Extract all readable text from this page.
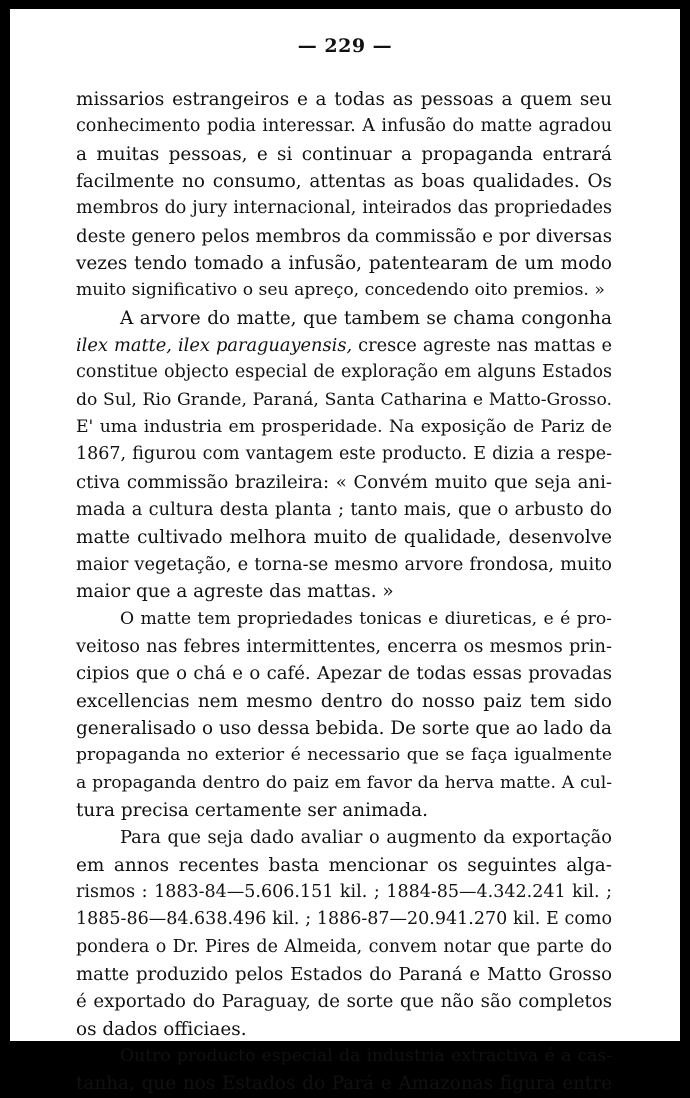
— 229 —
missarios estrangeiros e a todas as pessoas a quem seu
conhecimento podia interessar. A infusão do matte agradou
a muitas pessoas, e si continuar a propaganda entrará
facilmente no consumo, attentas as boas qualidades. Os
membros do jury internacional, inteirados das propriedades
deste genero pelos membros da commissão e por diversas
vezes tendo tomado a infusão, patentearam de um modo
muito significativo o seu apreço, concedendo oito premios. »
A arvore do matte, que tambem se chama congonha
ilex matte, ilex paraguayensis, cresce agreste nas mattas e
constitue objecto especial de exploração em alguns Estados
do Sul, Rio Grande, Paraná, Santa Catharina e Matto-Grosso.
E' uma industria em prosperidade. Na exposição de Pariz de
1867, figurou com vantagem este producto. E dizia a respe-
ctiva commissão brazileira: « Convém muito que seja ani-
mada a cultura desta planta ; tanto mais, que o arbusto do
matte cultivado melhora muito de qualidade, desenvolve
maior vegetação, e torna-se mesmo arvore frondosa, muito
maior que a agreste das mattas. »
O matte tem propriedades tonicas e diureticas, e é pro-
veitoso nas febres intermittentes, encerra os mesmos prin-
cipios que o chá e o café. Apezar de todas essas provadas
excellencias nem mesmo dentro do nosso paiz tem sido
generalisado o uso dessa bebida. De sorte que ao lado da
propaganda no exterior é necessario que se faça igualmente
a propaganda dentro do paiz em favor da herva matte. A cul-
tura precisa certamente ser animada.
Para que seja dado avaliar o augmento da exportação
em annos recentes basta mencionar os seguintes alga-
rismos : 1883-84—5.606.151 kil. ; 1884-85—4.342.241 kil. ;
1885-86—84.638.496 kil. ; 1886-87—20.941.270 kil. E como
pondera o Dr. Pires de Almeida, convem notar que parte do
matte produzido pelos Estados do Paraná e Matto Grosso
é exportado do Paraguay, de sorte que não são completos
os dados officiaes.
Outro producto especial da industria extractiva é a cas-
tanha, que nos Estados do Pará e Amazonas figura entre
